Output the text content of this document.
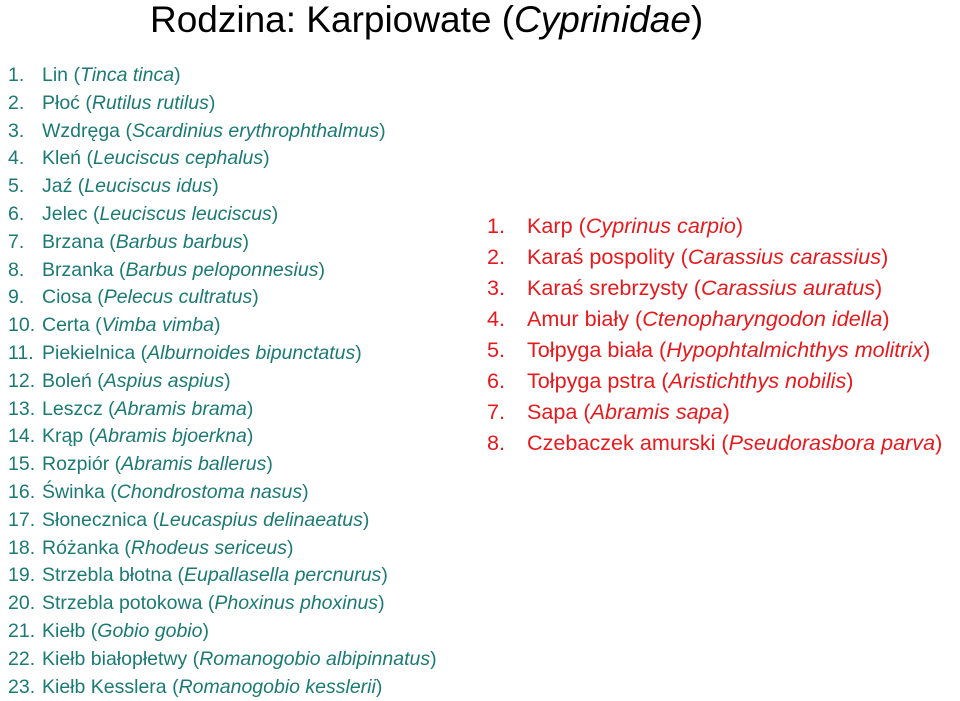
Rodzina: Karpiowate (Cyprinidae)
1. Lin (Tinca tinca)
2. Płoć (Rutilus rutilus)
3. Wzdręga (Scardinius erythrophthalmus)
4. Kleń (Leuciscus cephalus)
5. Jaź (Leuciscus idus)
6. Jelec (Leuciscus leuciscus)
7. Brzana (Barbus barbus)
8. Brzanka (Barbus peloponnesius)
9. Ciosa (Pelecus cultratus)
10. Certa (Vimba vimba)
11. Piekielnica (Alburnoides bipunctatus)
12. Boleń (Aspius aspius)
13. Leszcz (Abramis brama)
14. Krąp (Abramis bjoerkna)
15. Rozpiór (Abramis ballerus)
16. Świnka (Chondrostoma nasus)
17. Słonecznica (Leucaspius delinaeatus)
18. Różanka (Rhodeus sericeus)
19. Strzebla błotna (Eupallasella percnurus)
20. Strzebla potokowa (Phoxinus phoxinus)
21. Kiełb (Gobio gobio)
22. Kiełb białopłetwy (Romanogobio albipinnatus)
23. Kiełb Kesslera (Romanogobio kesslerii)
1.	Karp (Cyprinus carpio)
2.	Karaś pospolity (Carassius carassius)
3.	Karaś srebrzysty (Carassius auratus)
4.	Amur biały (Ctenopharyngodon idella)
5.	Tołpyga biała (Hypophtalmichthys molitrix)
6.	Tołpyga pstra (Aristichthys nobilis)
7.	Sapa (Abramis sapa)
8.	Czebaczek amurski (Pseudorasbora parva)
